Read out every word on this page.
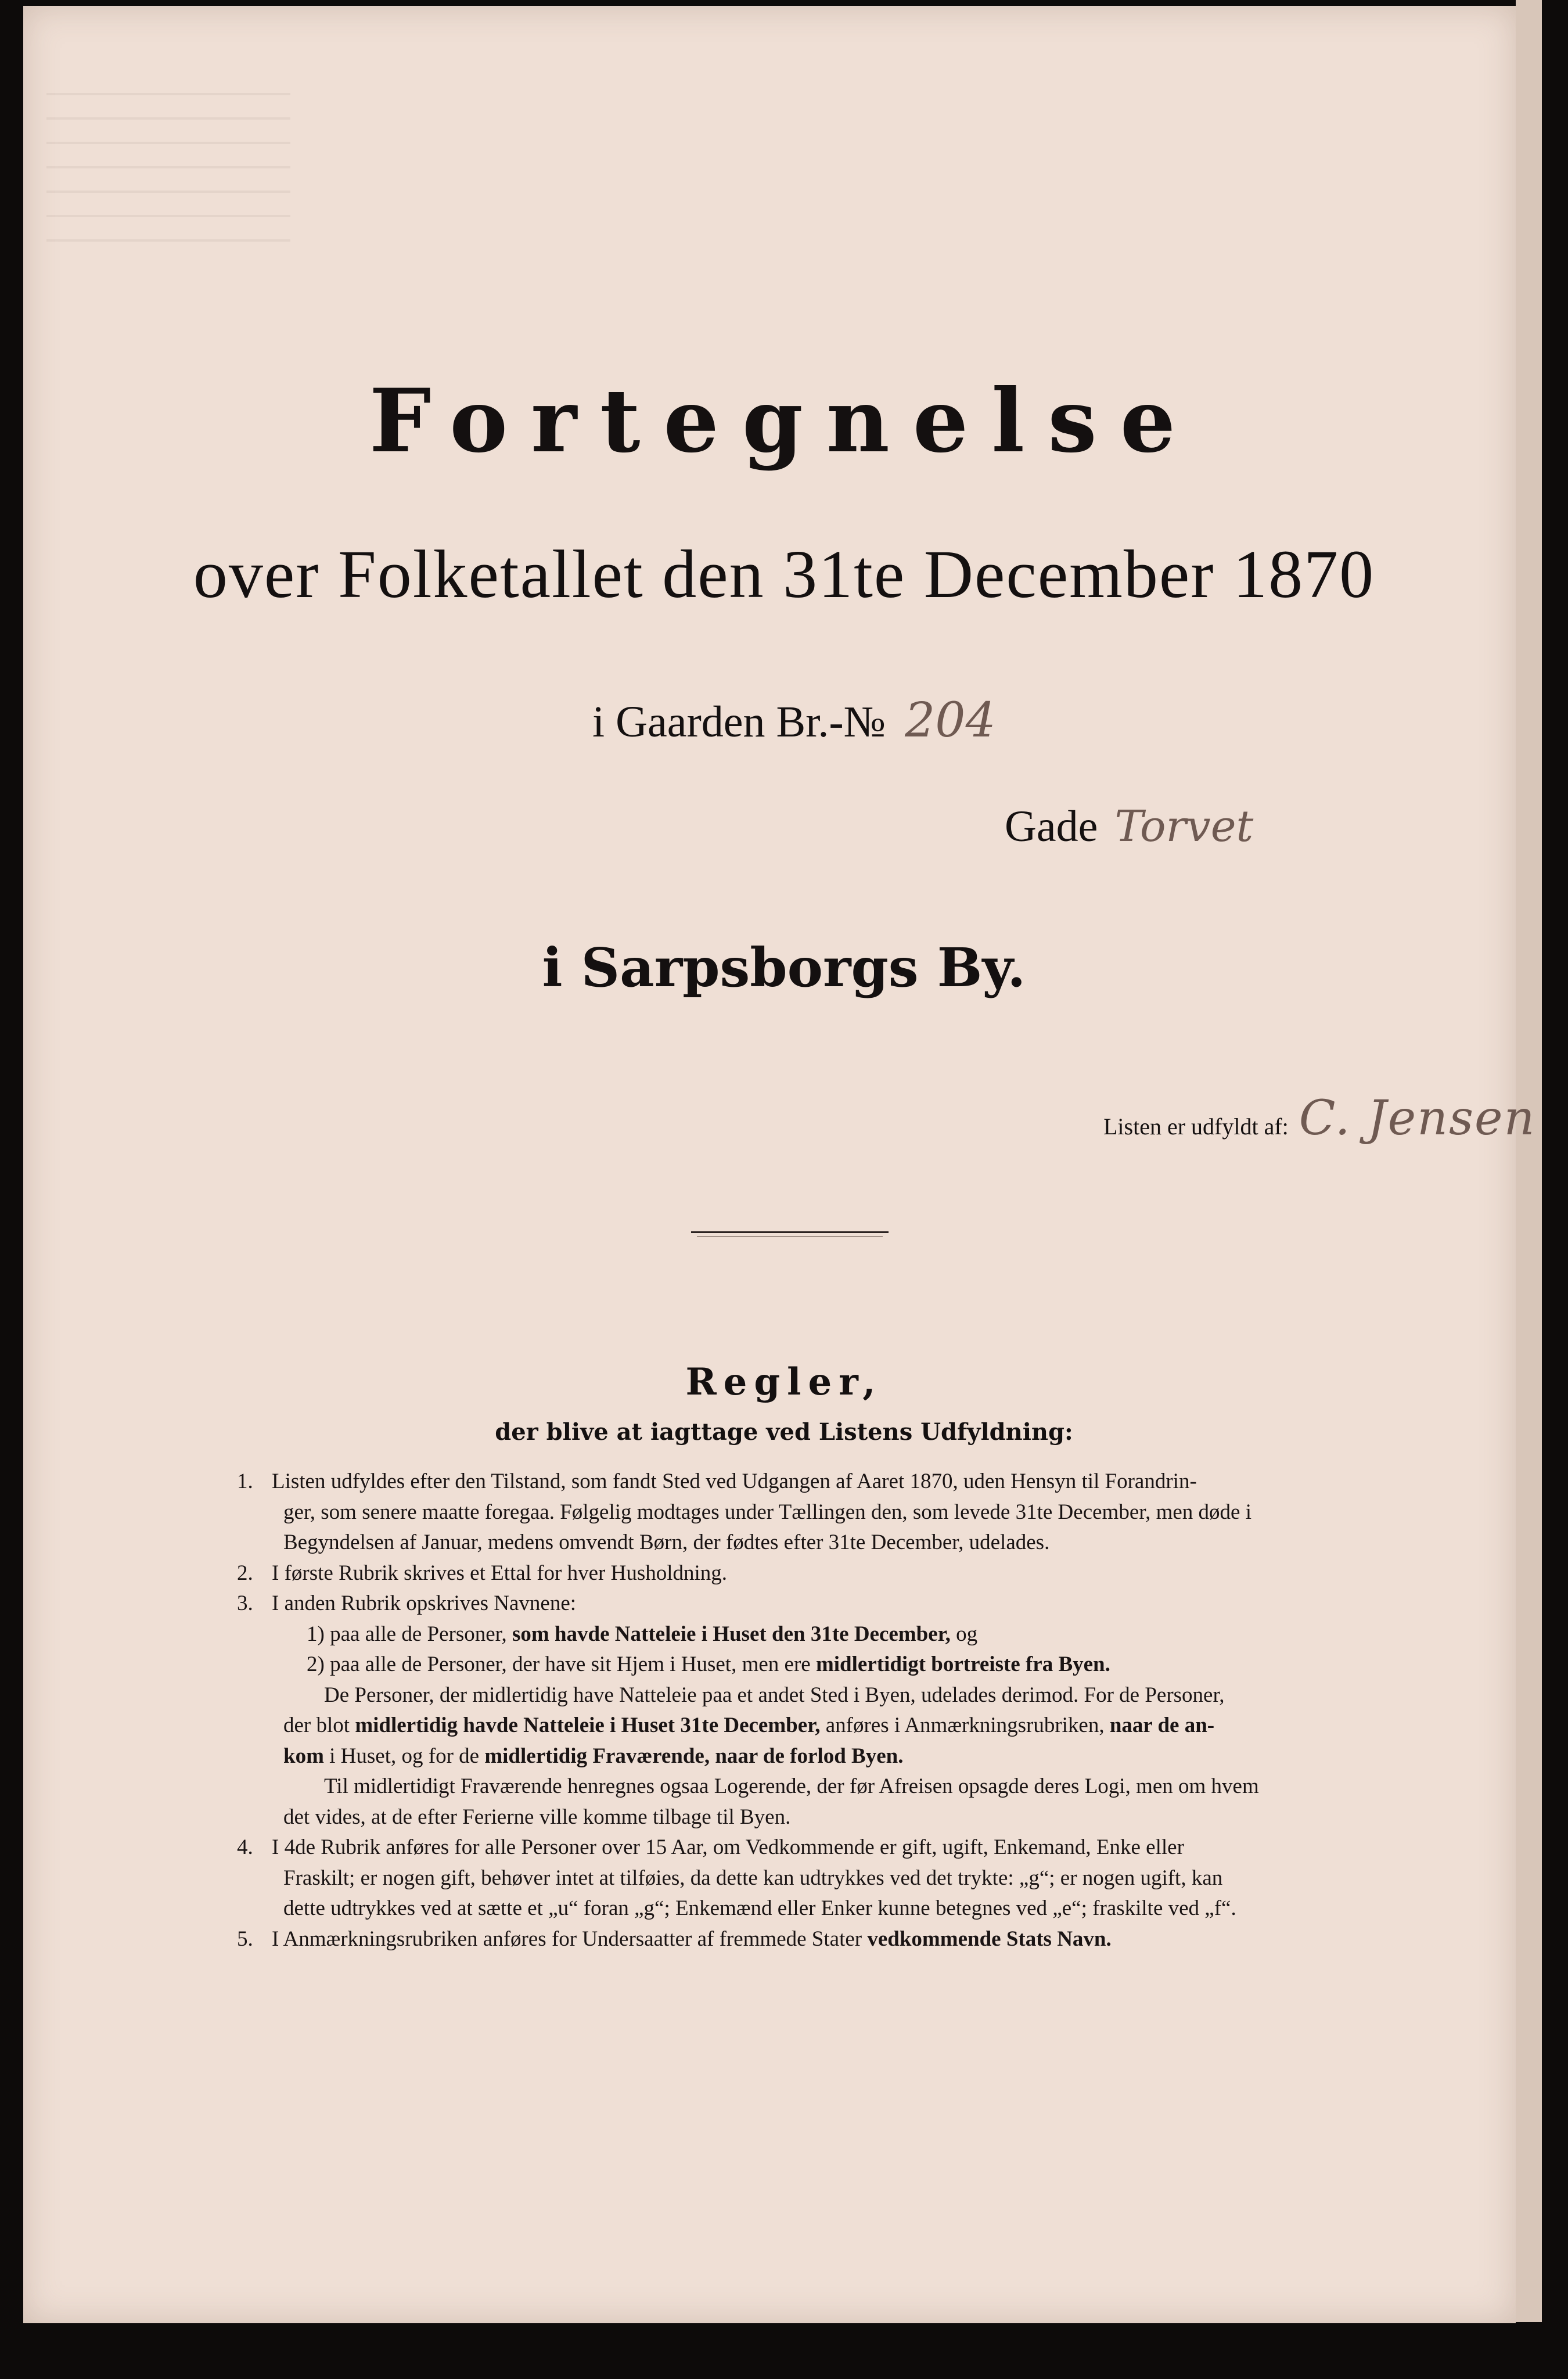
Fortegnelse
over Folketallet den 31te December 1870
i Gaarden Br.-№ 204
Gade Torvet
i Sarpsborgs By.
Listen er udfyldt af: C. Jensen
Regler,
der blive at iagttage ved Listens Udfyldning:
1. Listen udfyldes efter den Tilstand, som fandt Sted ved Udgangen af Aaret 1870, uden Hensyn til Forandrin-
ger, som senere maatte foregaa. Følgelig modtages under Tællingen den, som levede 31te December, men døde i
Begyndelsen af Januar, medens omvendt Børn, der fødtes efter 31te December, udelades.
2. I første Rubrik skrives et Ettal for hver Husholdning.
3. I anden Rubrik opskrives Navnene:
1) paa alle de Personer, som havde Natteleie i Huset den 31te December, og
2) paa alle de Personer, der have sit Hjem i Huset, men ere midlertidigt bortreiste fra Byen.
De Personer, der midlertidig have Natteleie paa et andet Sted i Byen, udelades derimod. For de Personer,
der blot midlertidig havde Natteleie i Huset 31te December, anføres i Anmærkningsrubriken, naar de an-
kom i Huset, og for de midlertidig Fraværende, naar de forlod Byen.
Til midlertidigt Fraværende henregnes ogsaa Logerende, der før Afreisen opsagde deres Logi, men om hvem
det vides, at de efter Ferierne ville komme tilbage til Byen.
4. I 4de Rubrik anføres for alle Personer over 15 Aar, om Vedkommende er gift, ugift, Enkemand, Enke eller
Fraskilt; er nogen gift, behøver intet at tilføies, da dette kan udtrykkes ved det trykte: „g“; er nogen ugift, kan
dette udtrykkes ved at sætte et „u“ foran „g“; Enkemænd eller Enker kunne betegnes ved „e“; fraskilte ved „f“.
5. I Anmærkningsrubriken anføres for Undersaatter af fremmede Stater vedkommende Stats Navn.
